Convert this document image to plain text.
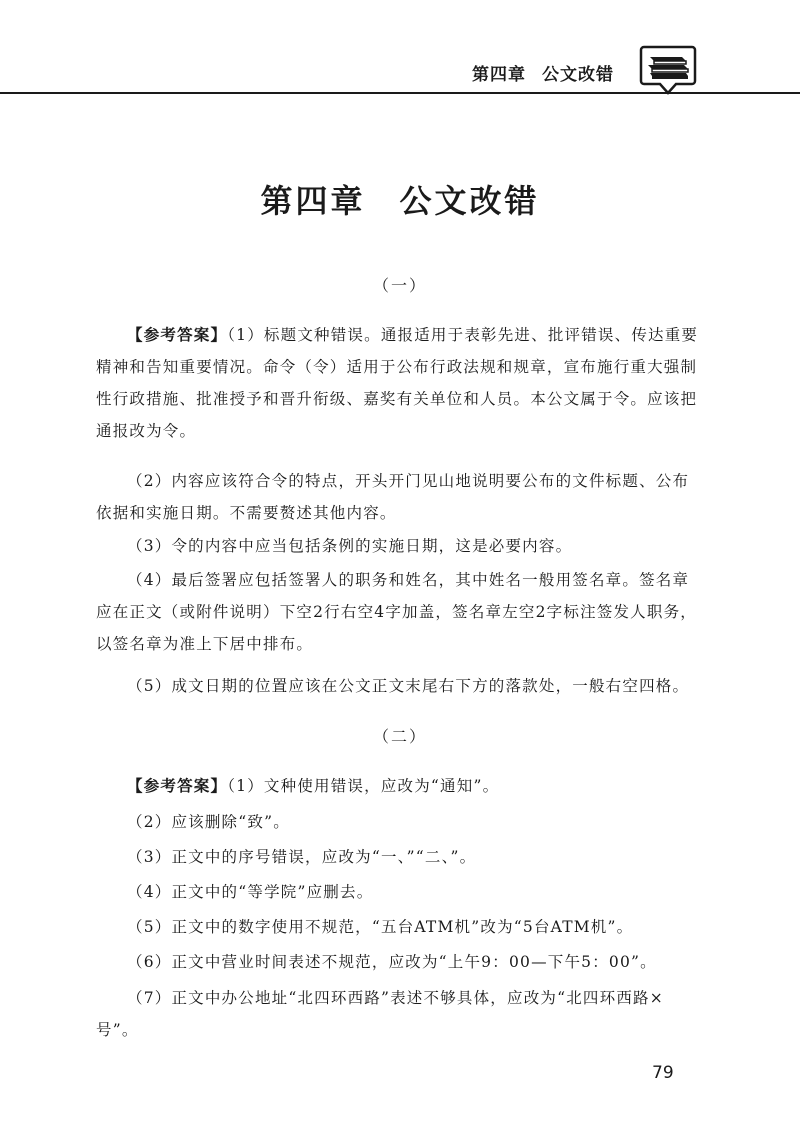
第四章 公文改错
第四章 公文改错
（一）

【参考答案】（1）标题文种错误。通报适用于表彰先进、批评错误、传达重要精神和告知重要情况。命令（令）适用于公布行政法规和规章，宣布施行重大强制性行政措施、批准授予和晋升衔级、嘉奖有关单位和人员。本公文属于令。应该把通报改为令。

（2）内容应该符合令的特点，开头开门见山地说明要公布的文件标题、公布依据和实施日期。不需要赘述其他内容。

（3）令的内容中应当包括条例的实施日期，这是必要内容。

（4）最后签署应包括签署人的职务和姓名，其中姓名一般用签名章。签名章应在正文（或附件说明）下空2行右空4字加盖，签名章左空2字标注签发人职务，以签名章为准上下居中排布。

（5）成文日期的位置应该在公文正文末尾右下方的落款处，一般右空四格。

（二）

【参考答案】（1）文种使用错误，应改为“通知”。

（2）应该删除“致”。

（3）正文中的序号错误，应改为“一、”“二、”。

（4）正文中的“等学院”应删去。

（5）正文中的数字使用不规范，“五台ATM机”改为“5台ATM机”。

（6）正文中营业时间表述不规范，应改为“上午9：00—下午5：00”。

（7）正文中办公地址“北四环西路”表述不够具体，应改为“北四环西路×号”。

79
